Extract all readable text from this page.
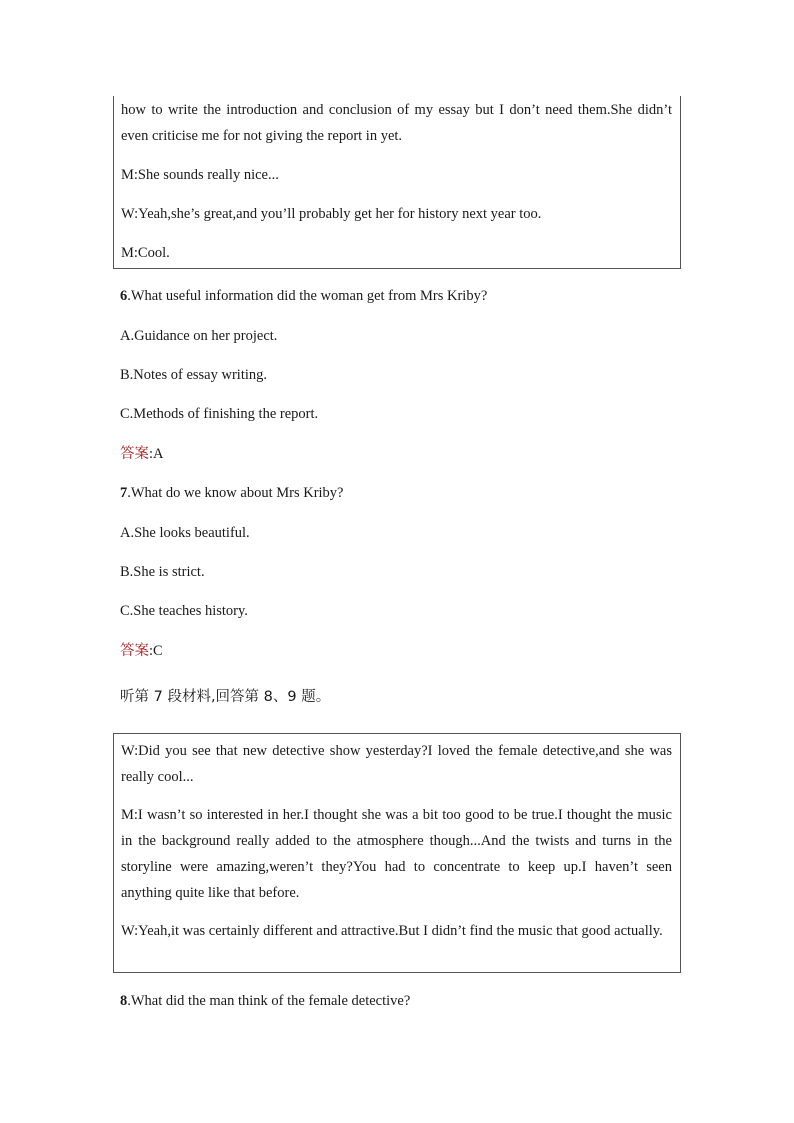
how to write the introduction and conclusion of my essay but I don’t need them.She didn’t even criticise me for not giving the report in yet.

M:She sounds really nice...

W:Yeah,she’s great,and you’ll probably get her for history next year too.

M:Cool.

6.What useful information did the woman get from Mrs Kriby?

A.Guidance on her project.

B.Notes of essay writing.

C.Methods of finishing the report.

答案:A

7.What do we know about Mrs Kriby?

A.She looks beautiful.

B.She is strict.

C.She teaches history.

答案:C

听第 7 段材料,回答第 8、9 题。

W:Did you see that new detective show yesterday?I loved the female detective,and she was really cool...

M:I wasn’t so interested in her.I thought she was a bit too good to be true.I thought the music in the background really added to the atmosphere though...And the twists and turns in the storyline were amazing,weren’t they?You had to concentrate to keep up.I haven’t seen anything quite like that before.

W:Yeah,it was certainly different and attractive.But I didn’t find the music that good actually.

8.What did the man think of the female detective?
